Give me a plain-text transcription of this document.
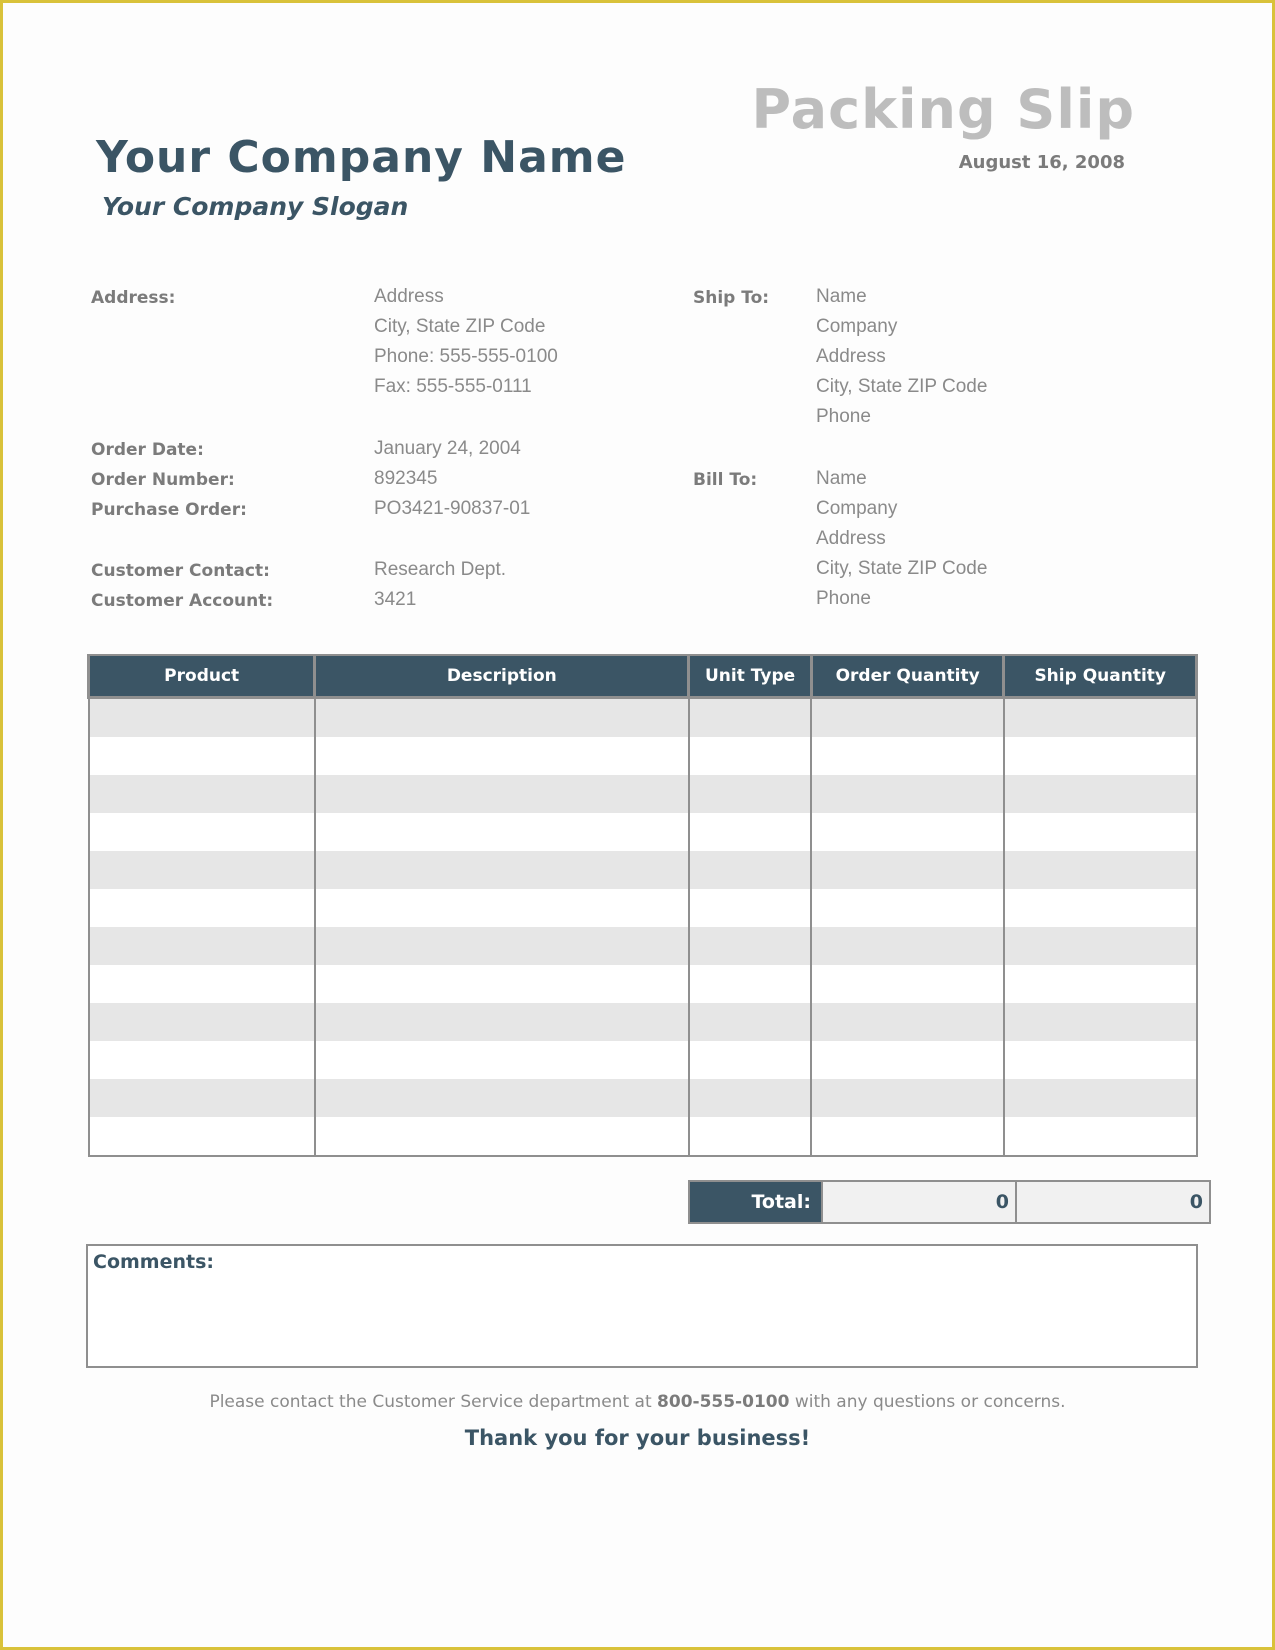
Packing Slip
August 16, 2008
Your Company Name
Your Company Slogan
Address:	Address
City, State ZIP Code
Phone: 555-555-0100
Fax: 555-555-0111
Order Date:	January 24, 2004
Order Number:	892345
Purchase Order:	PO3421-90837-01
Customer Contact:	Research Dept.
Customer Account:	3421
Ship To: Name
Company
Address
City, State ZIP Code
Phone
Bill To:	Name
Company
Address
City, State ZIP Code
Phone
Product	Description	Unit Type	Order Quantity	Ship Quantity

Total:	0	0
Comments:
Please contact the Customer Service department at 800-555-0100 with any questions or concerns.
Thank you for your business!
